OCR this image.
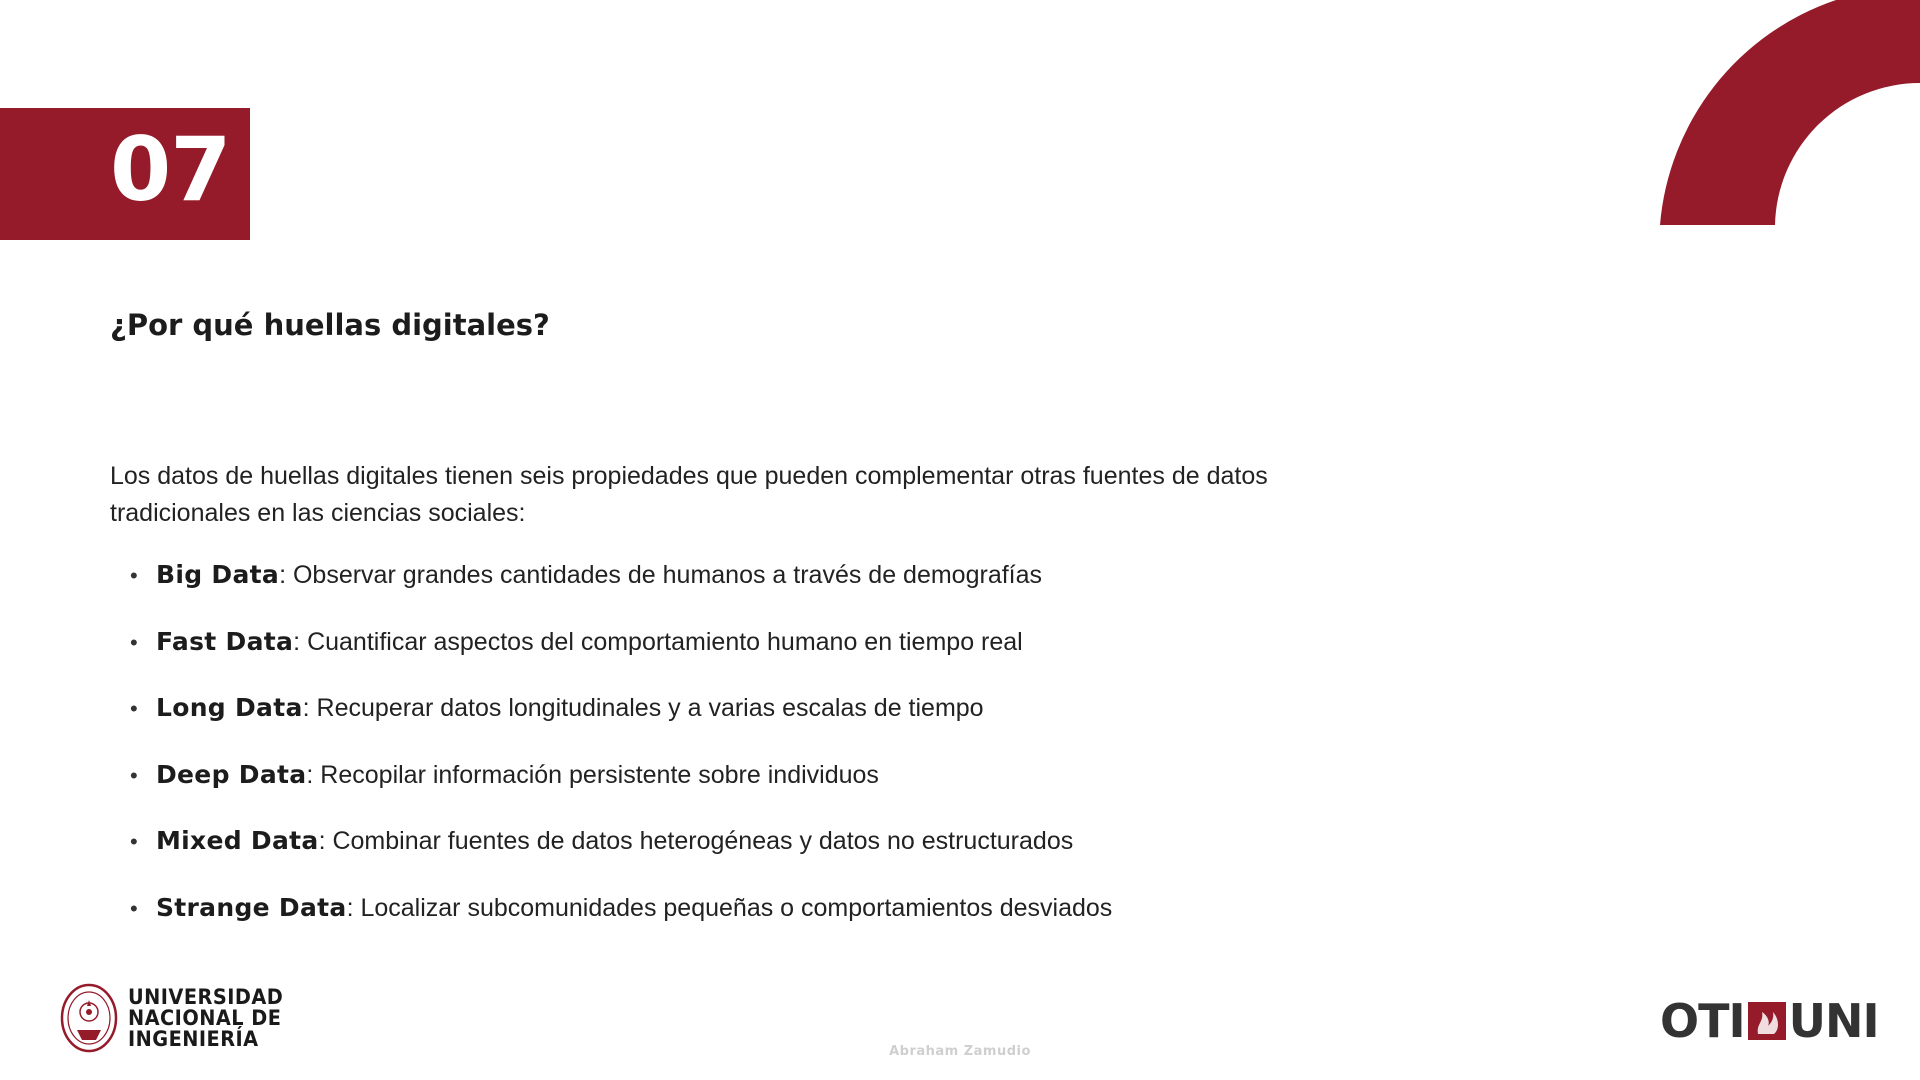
07
¿Por qué huellas digitales?

Los datos de huellas digitales tienen seis propiedades que pueden complementar otras fuentes de datos tradicionales en las ciencias sociales:

• Big Data : Observar grandes cantidades de humanos a través de demografías
• Fast Data : Cuantificar aspectos del comportamiento humano en tiempo real
• Long Data : Recuperar datos longitudinales y a varias escalas de tiempo
• Deep Data : Recopilar información persistente sobre individuos
• Mixed Data : Combinar fuentes de datos heterogéneas y datos no estructurados
• Strange Data : Localizar subcomunidades pequeñas o comportamientos desviados
UNIVERSIDAD
NACIONAL DE
INGENIERÍA
Abraham Zamudio
OTI UNI
